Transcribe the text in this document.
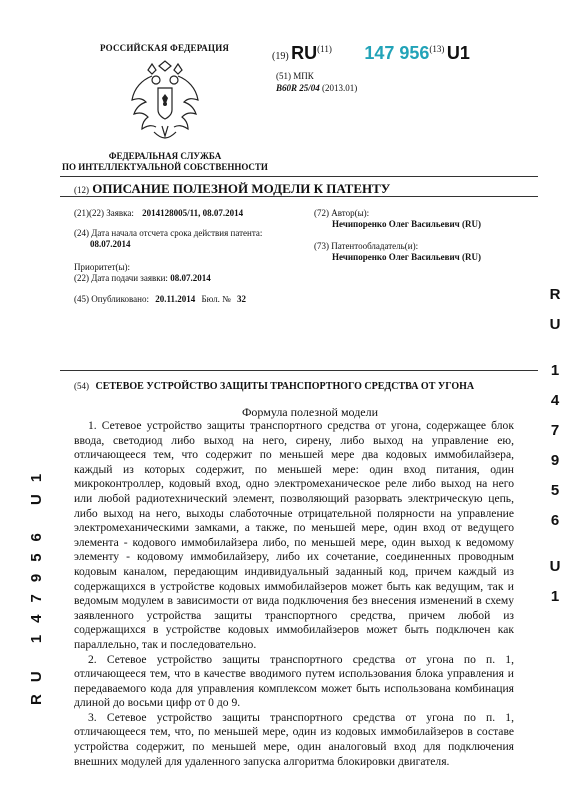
РОССИЙСКАЯ ФЕДЕРАЦИЯ
ФЕДЕРАЛЬНАЯ СЛУЖБА
ПО ИНТЕЛЛЕКТУАЛЬНОЙ СОБСТВЕННОСТИ
(19) RU$^{(11)}$ 147 956$^{(13)}$ U1
(51) МПК
B60R 25/04 (2013.01)
(12) ОПИСАНИЕ ПОЛЕЗНОЙ МОДЕЛИ К ПАТЕНТУ
(21)(22) Заявка: 2014128005/11, 08.07.2014
(24) Дата начала отсчета срока действия патента:
08.07.2014
Приоритет(ы):
(22) Дата подачи заявки: 08.07.2014
(45) Опубликовано: 20.11.2014 Бюл. № 32
(72) Автор(ы):
Нечипоренко Олег Васильевич (RU)
(73) Патентообладатель(и):
Нечипоренко Олег Васильевич (RU)
R
U
1
4
7
9
5
6
U
1
RU 147956 U1
(54) СЕТЕВОЕ УСТРОЙСТВО ЗАЩИТЫ ТРАНСПОРТНОГО СРЕДСТВА ОТ УГОНА
Формула полезной модели

1. Сетевое устройство защиты транспортного средства от угона, содержащее блок ввода, светодиод либо выход на него, сирену, либо выход на управление ею, отличающееся тем, что содержит по меньшей мере два кодовых иммобилайзера, каждый из которых содержит, по меньшей мере: один вход питания, один микроконтроллер, кодовый вход, одно электромеханическое реле либо выход на него или любой радиотехнический элемент, позволяющий разорвать электрическую цепь, либо выход на него, выходы слаботочные отрицательной полярности на управление электромеханическими замками, а также, по меньшей мере, один вход от ведущего элемента - кодового иммобилайзера либо, по меньшей мере, один выход к ведомому элементу - кодовому иммобилайзеру, либо их сочетание, соединенных проводным кодовым каналом, передающим индивидуальный заданный код, причем каждый из содержащихся в устройстве кодовых иммобилайзеров может быть как ведущим, так и ведомым модулем в зависимости от вида подключения без внесения изменений в схему заявленного устройства защиты транспортного средства, причем любой из содержащихся в устройстве кодовых иммобилайзеров может быть подключен как параллельно, так и последовательно.

2. Сетевое устройство защиты транспортного средства от угона по п. 1, отличающееся тем, что в качестве вводимого путем использования блока управления и передаваемого кода для управления комплексом может быть использована комбинация длиной до восьми цифр от 0 до 9.

3. Сетевое устройство защиты транспортного средства от угона по п. 1, отличающееся тем, что, по меньшей мере, один из кодовых иммобилайзеров в составе устройства содержит, по меньшей мере, один аналоговый вход для подключения внешних модулей для удаленного запуска алгоритма блокировки двигателя.
